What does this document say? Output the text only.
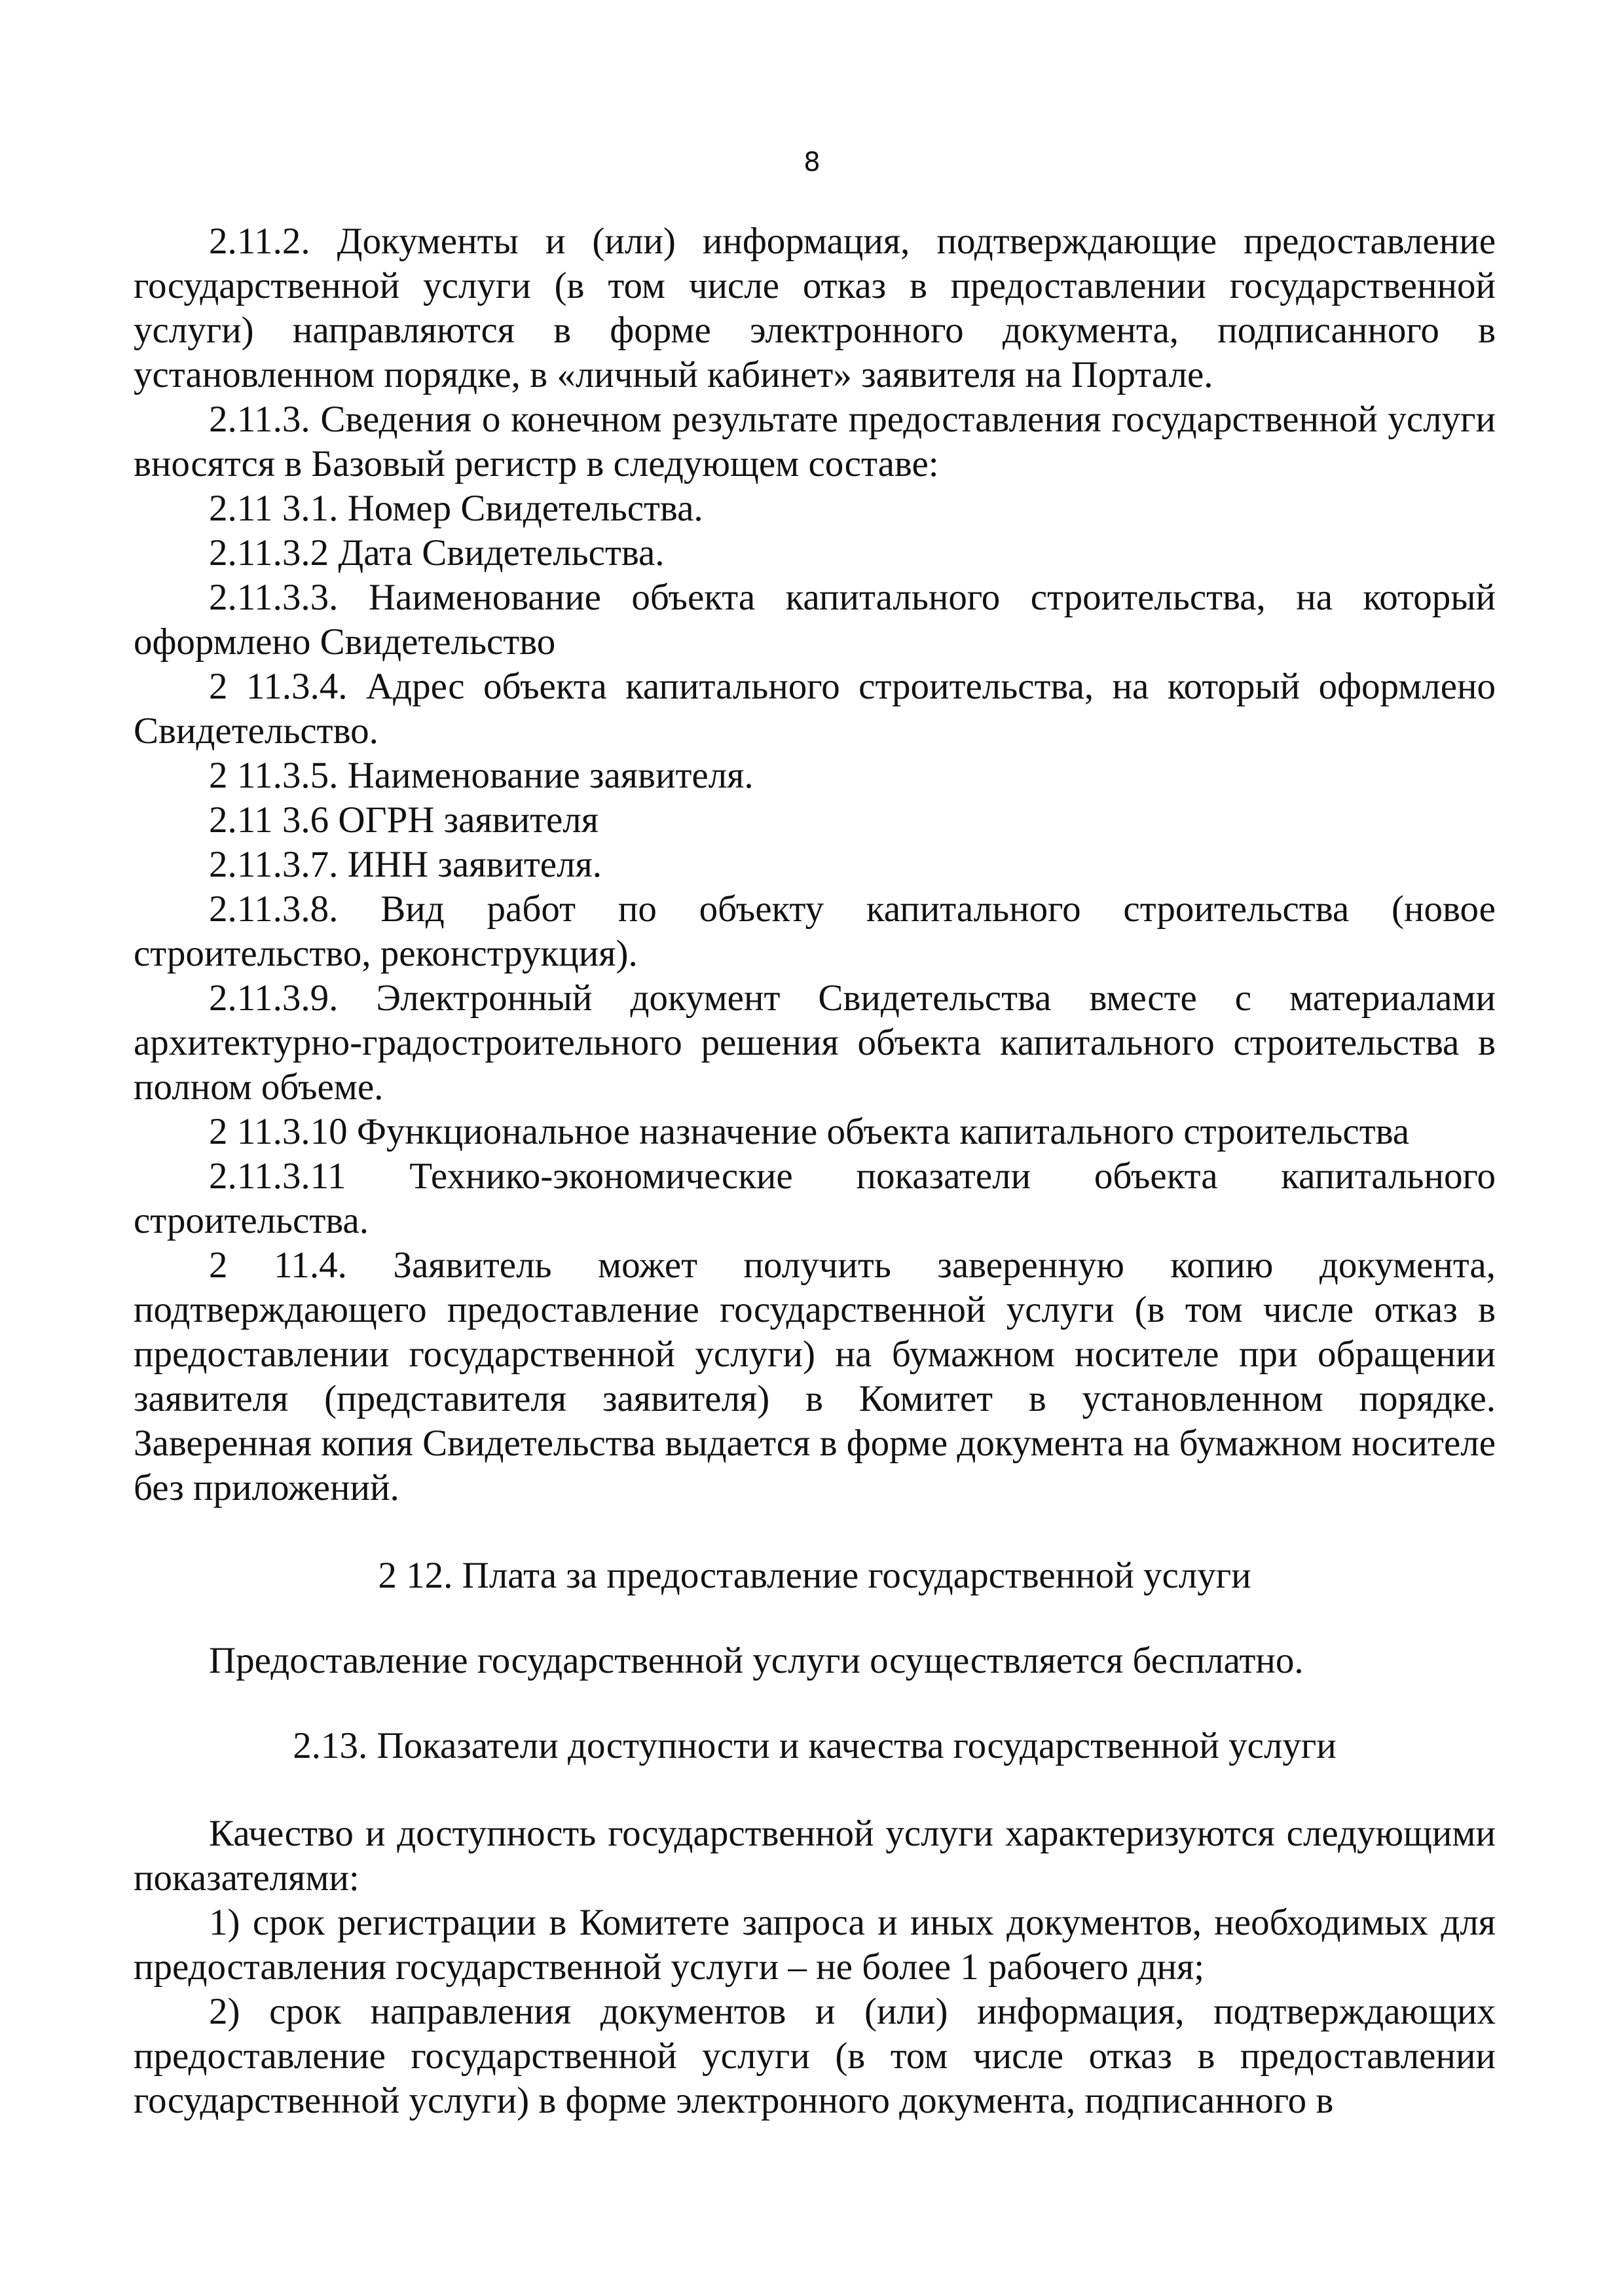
8

2.11.2. Документы и (или) информация, подтверждающие предоставление государственной услуги (в том числе отказ в предоставлении государственной услуги) направляются в форме электронного документа, подписанного в установленном порядке, в «личный кабинет» заявителя на Портале.

2.11.3. Сведения о конечном результате предоставления государственной услуги вносятся в Базовый регистр в следующем составе:

2.11 3.1. Номер Свидетельства.

2.11.3.2 Дата Свидетельства.

2.11.3.3. Наименование объекта капитального строительства, на который оформлено Свидетельство

2 11.3.4. Адрес объекта капитального строительства, на который оформлено Свидетельство.

2 11.3.5. Наименование заявителя.

2.11 3.6 ОГРН заявителя

2.11.3.7. ИНН заявителя.

2.11.3.8. Вид работ по объекту капитального строительства (новое строительство, реконструкция).

2.11.3.9. Электронный документ Свидетельства вместе с материалами архитектурно-градостроительного решения объекта капитального строительства в полном объеме.

2 11.3.10 Функциональное назначение объекта капитального строительства

2.11.3.11 Технико-экономические показатели объекта капитального строительства.

2 11.4. Заявитель может получить заверенную копию документа, подтверждающего предоставление государственной услуги (в том числе отказ в предоставлении государственной услуги) на бумажном носителе при обращении заявителя (представителя заявителя) в Комитет в установленном порядке. Заверенная копия Свидетельства выдается в форме документа на бумажном носителе без приложений.

2 12. Плата за предоставление государственной услуги

Предоставление государственной услуги осуществляется бесплатно.

2.13. Показатели доступности и качества государственной услуги

Качество и доступность государственной услуги характеризуются следующими показателями:

1) срок регистрации в Комитете запроса и иных документов, необходимых для предоставления государственной услуги – не более 1 рабочего дня;

2) срок направления документов и (или) информация, подтверждающих предоставление государственной услуги (в том числе отказ в предоставлении государственной услуги) в форме электронного документа, подписанного в
